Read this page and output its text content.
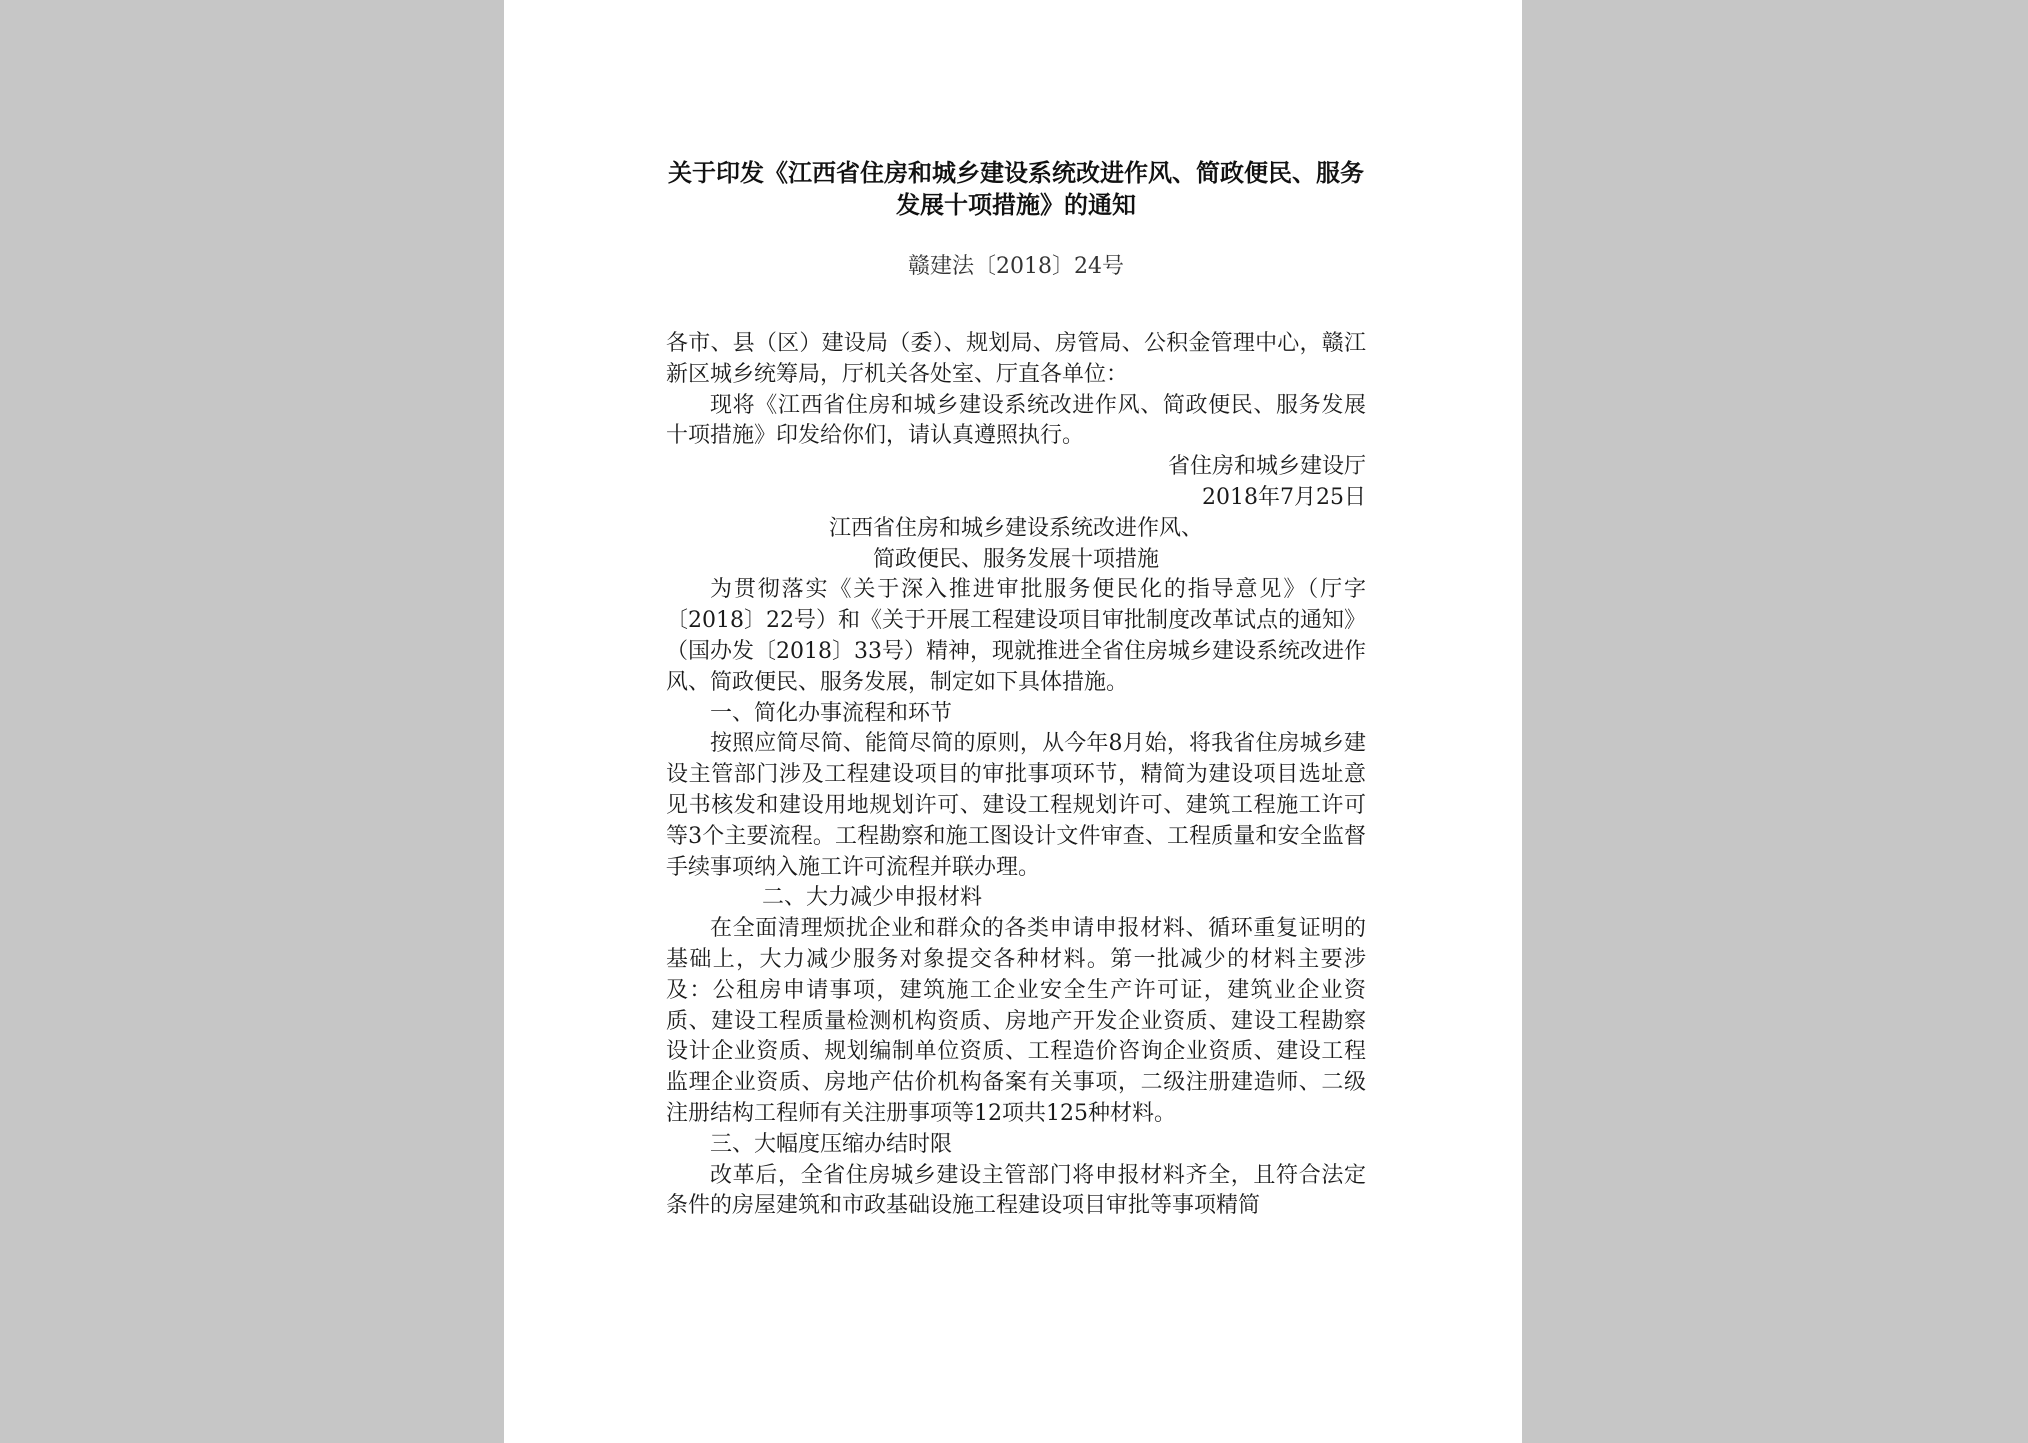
关于印发《江西省住房和城乡建设系统改进作风、简政便民、服务
发展十项措施》的通知
赣建法〔2018〕24号

各市、县（区）建设局（委）、规划局、房管局、公积金管理中心，赣江新区城乡统筹局，厅机关各处室、厅直各单位：

现将《江西省住房和城乡建设系统改进作风、简政便民、服务发展十项措施》印发给你们，请认真遵照执行。

省住房和城乡建设厅

2018年7月25日

江西省住房和城乡建设系统改进作风、

简政便民、服务发展十项措施

为贯彻落实《关于深入推进审批服务便民化的指导意见》（厅字〔2018〕22号）和《关于开展工程建设项目审批制度改革试点的通知》（国办发〔2018〕33号）精神，现就推进全省住房城乡建设系统改进作风、简政便民、服务发展，制定如下具体措施。

一、简化办事流程和环节

按照应简尽简、能简尽简的原则，从今年8月始，将我省住房城乡建设主管部门涉及工程建设项目的审批事项环节，精简为建设项目选址意见书核发和建设用地规划许可、建设工程规划许可、建筑工程施工许可等3个主要流程。工程勘察和施工图设计文件审查、工程质量和安全监督手续事项纳入施工许可流程并联办理。

二、大力减少申报材料

在全面清理烦扰企业和群众的各类申请申报材料、循环重复证明的基础上，大力减少服务对象提交各种材料。第一批减少的材料主要涉及：公租房申请事项，建筑施工企业安全生产许可证，建筑业企业资质、建设工程质量检测机构资质、房地产开发企业资质、建设工程勘察设计企业资质、规划编制单位资质、工程造价咨询企业资质、建设工程监理企业资质、房地产估价机构备案有关事项，二级注册建造师、二级注册结构工程师有关注册事项等12项共125种材料。

三、大幅度压缩办结时限

改革后，全省住房城乡建设主管部门将申报材料齐全，且符合法定条件的房屋建筑和市政基础设施工程建设项目审批等事项精简
